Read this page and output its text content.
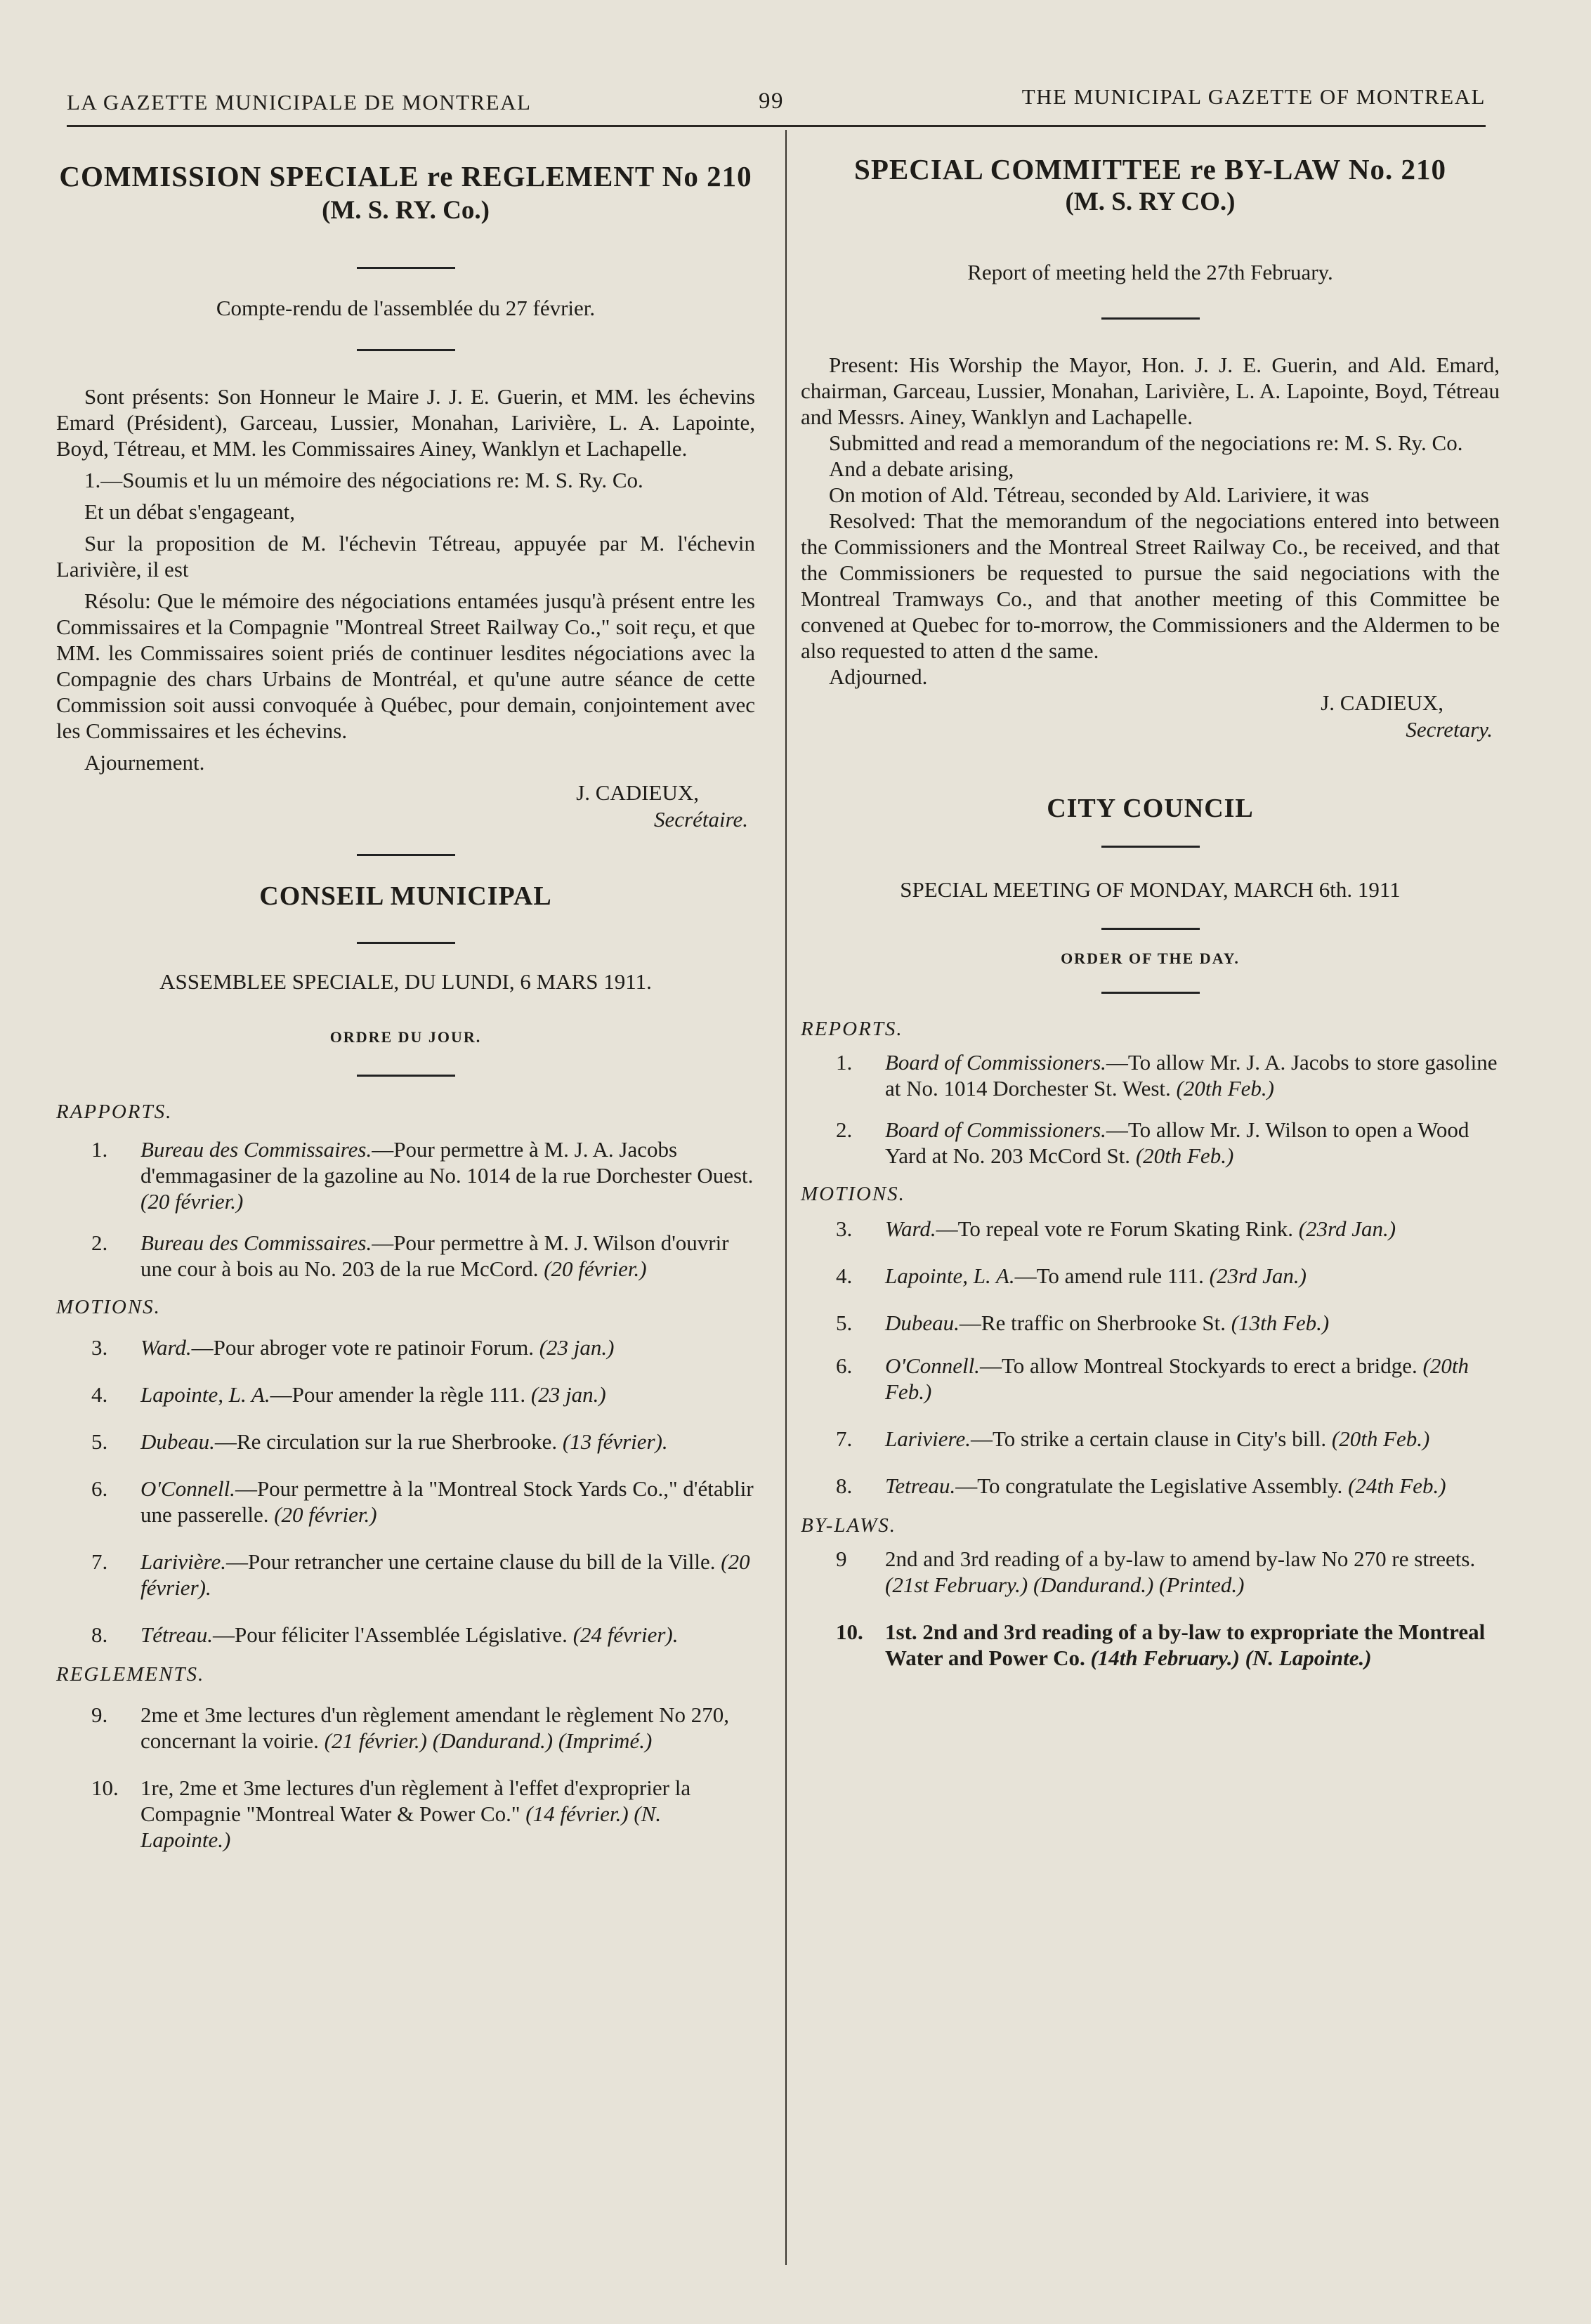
LA GAZETTE MUNICIPALE DE MONTREAL	99	THE MUNICIPAL GAZETTE OF MONTREAL
COMMISSION SPECIALE re REGLEMENT No 210
(M. S. RY. Co.)
Compte-rendu de l'assemblée du 27 février.

Sont présents: Son Honneur le Maire J. J. E. Guerin, et MM. les échevins Emard (Président), Garceau, Lussier, Monahan, Larivière, L. A. Lapointe, Boyd, Tétreau, et MM. les Commissaires Ainey, Wanklyn et Lachapelle.

1.—Soumis et lu un mémoire des négociations re: M. S. Ry. Co.

Et un débat s'engageant,

Sur la proposition de M. l'échevin Tétreau, appuyée par M. l'échevin Larivière, il est

Résolu: Que le mémoire des négociations entamées jusqu'à présent entre les Commissaires et la Compagnie "Montreal Street Railway Co.," soit reçu, et que MM. les Commissaires soient priés de continuer lesdites négociations avec la Compagnie des chars Urbains de Montréal, et qu'une autre séance de cette Commission soit aussi convoquée à Québec, pour demain, conjointement avec les Commissaires et les échevins.

Ajournement.

J. CADIEUX,
Secrétaire.
CONSEIL MUNICIPAL
ASSEMBLEE SPECIALE, DU LUNDI, 6 MARS 1911.
ORDRE DU JOUR.
RAPPORTS.
1.	Bureau des Commissaires.—Pour permettre à M. J. A. Jacobs d'emmagasiner de la gazoline au No. 1014 de la rue Dorchester Ouest. (20 février.)
2.	Bureau des Commissaires.—Pour permettre à M. J. Wilson d'ouvrir une cour à bois au No. 203 de la rue McCord. (20 février.)
MOTIONS.
3.	Ward.—Pour abroger vote re patinoir Forum. (23 jan.)
4.	Lapointe, L. A.—Pour amender la règle 111. (23 jan.)
5.	Dubeau.—Re circulation sur la rue Sherbrooke. (13 février).
6.	O'Connell.—Pour permettre à la "Montreal Stock Yards Co.," d'établir une passerelle. (20 février.)
7.	Larivière.—Pour retrancher une certaine clause du bill de la Ville. (20 février).
8.	Tétreau.—Pour féliciter l'Assemblée Législative. (24 février).
REGLEMENTS.
9.	2me et 3me lectures d'un règlement amendant le règlement No 270, concernant la voirie. (21 février.) (Dandurand.) (Imprimé.)
10.	1re, 2me et 3me lectures d'un règlement à l'effet d'exproprier la Compagnie "Montreal Water & Power Co." (14 février.) (N. Lapointe.)
SPECIAL COMMITTEE re BY-LAW No. 210
(M. S. RY CO.)
Report of meeting held the 27th February.

Present: His Worship the Mayor, Hon. J. J. E. Guerin, and Ald. Emard, chairman, Garceau, Lussier, Monahan, Larivière, L. A. Lapointe, Boyd, Tétreau and Messrs. Ainey, Wanklyn and Lachapelle.

Submitted and read a memorandum of the negociations re: M. S. Ry. Co.

And a debate arising,

On motion of Ald. Tétreau, seconded by Ald. Lariviere, it was

Resolved: That the memorandum of the negociations entered into between the Commissioners and the Montreal Street Railway Co., be received, and that the Commissioners be requested to pursue the said negociations with the Montreal Tramways Co., and that another meeting of this Committee be convened at Quebec for to-morrow, the Commissioners and the Aldermen to be also requested to atten d the same.

Adjourned.

J. CADIEUX,
Secretary.
CITY COUNCIL
SPECIAL MEETING OF MONDAY, MARCH 6th. 1911
ORDER OF THE DAY.
REPORTS.
1.	Board of Commissioners.—To allow Mr. J. A. Jacobs to store gasoline at No. 1014 Dorchester St. West. (20th Feb.)
2.	Board of Commissioners.—To allow Mr. J. Wilson to open a Wood Yard at No. 203 McCord St. (20th Feb.)
MOTIONS.
3.	Ward.—To repeal vote re Forum Skating Rink. (23rd Jan.)
4.	Lapointe, L. A.—To amend rule 111. (23rd Jan.)
5.	Dubeau.—Re traffic on Sherbrooke St. (13th Feb.)
6.	O'Connell.—To allow Montreal Stockyards to erect a bridge. (20th Feb.)
7.	Lariviere.—To strike a certain clause in City's bill. (20th Feb.)
8.	Tetreau.—To congratulate the Legislative Assembly. (24th Feb.)
BY-LAWS.
9	2nd and 3rd reading of a by-law to amend by-law No 270 re streets. (21st February.) (Dandurand.) (Printed.)
10.	1st. 2nd and 3rd reading of a by-law to expropriate the Montreal Water and Power Co. (14th February.) (N. Lapointe.)
